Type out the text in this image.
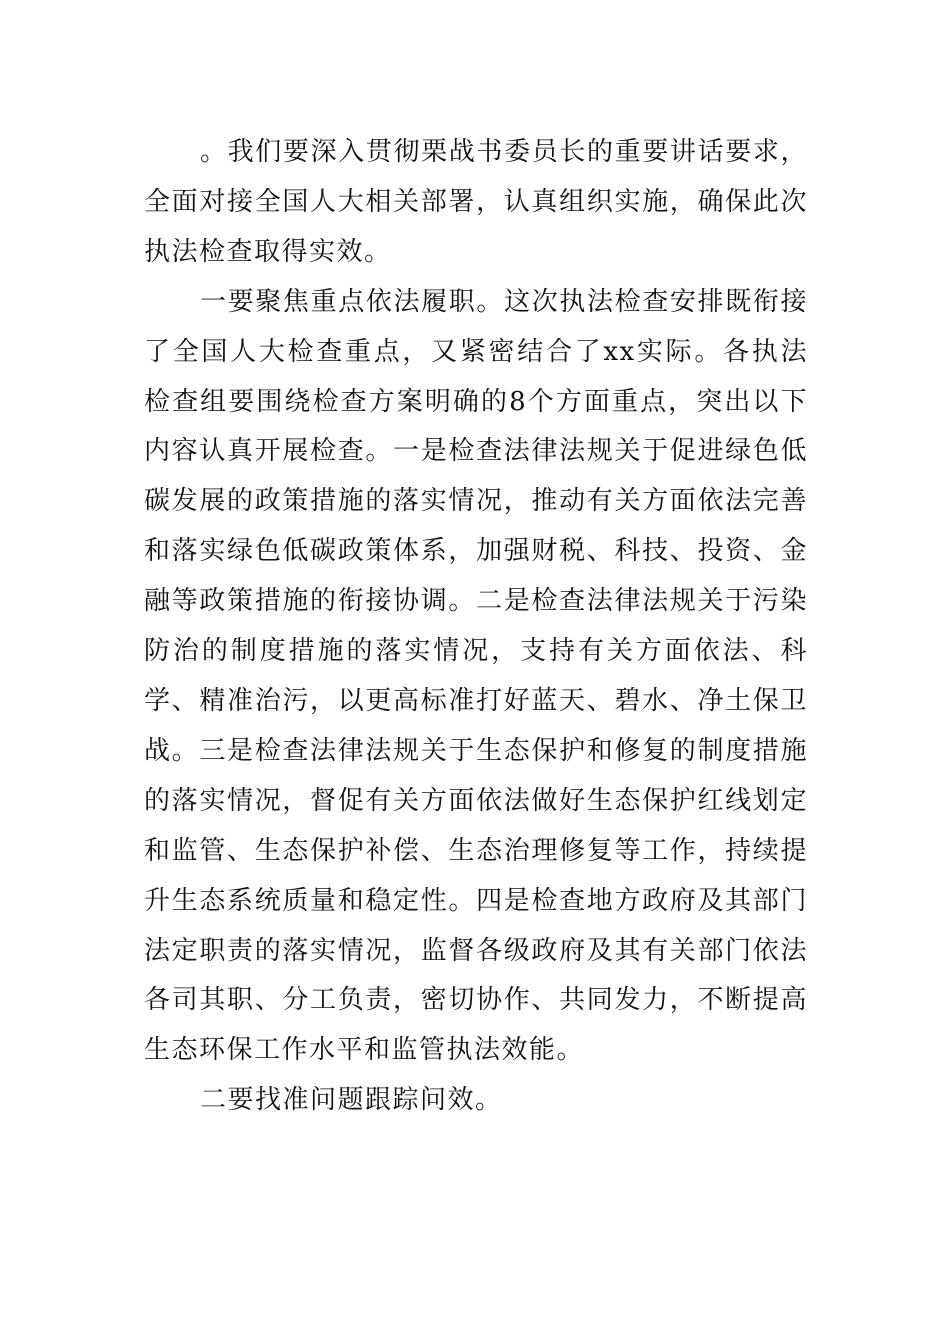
。我们要深入贯彻栗战书委员长的重要讲话要求，全面对接全国人大相关部署，认真组织实施，确保此次执法检查取得实效。

一要聚焦重点依法履职。这次执法检查安排既衔接了全国人大检查重点，又紧密结合了xx实际。各执法检查组要围绕检查方案明确的8个方面重点，突出以下内容认真开展检查。一是检查法律法规关于促进绿色低碳发展的政策措施的落实情况，推动有关方面依法完善和落实绿色低碳政策体系，加强财税、科技、投资、金融等政策措施的衔接协调。二是检查法律法规关于污染防治的制度措施的落实情况，支持有关方面依法、科学、精准治污，以更高标准打好蓝天、碧水、净土保卫战。三是检查法律法规关于生态保护和修复的制度措施的落实情况，督促有关方面依法做好生态保护红线划定和监管、生态保护补偿、生态治理修复等工作，持续提升生态系统质量和稳定性。四是检查地方政府及其部门法定职责的落实情况，监督各级政府及其有关部门依法各司其职、分工负责，密切协作、共同发力，不断提高生态环保工作水平和监管执法效能。

二要找准问题跟踪问效。
